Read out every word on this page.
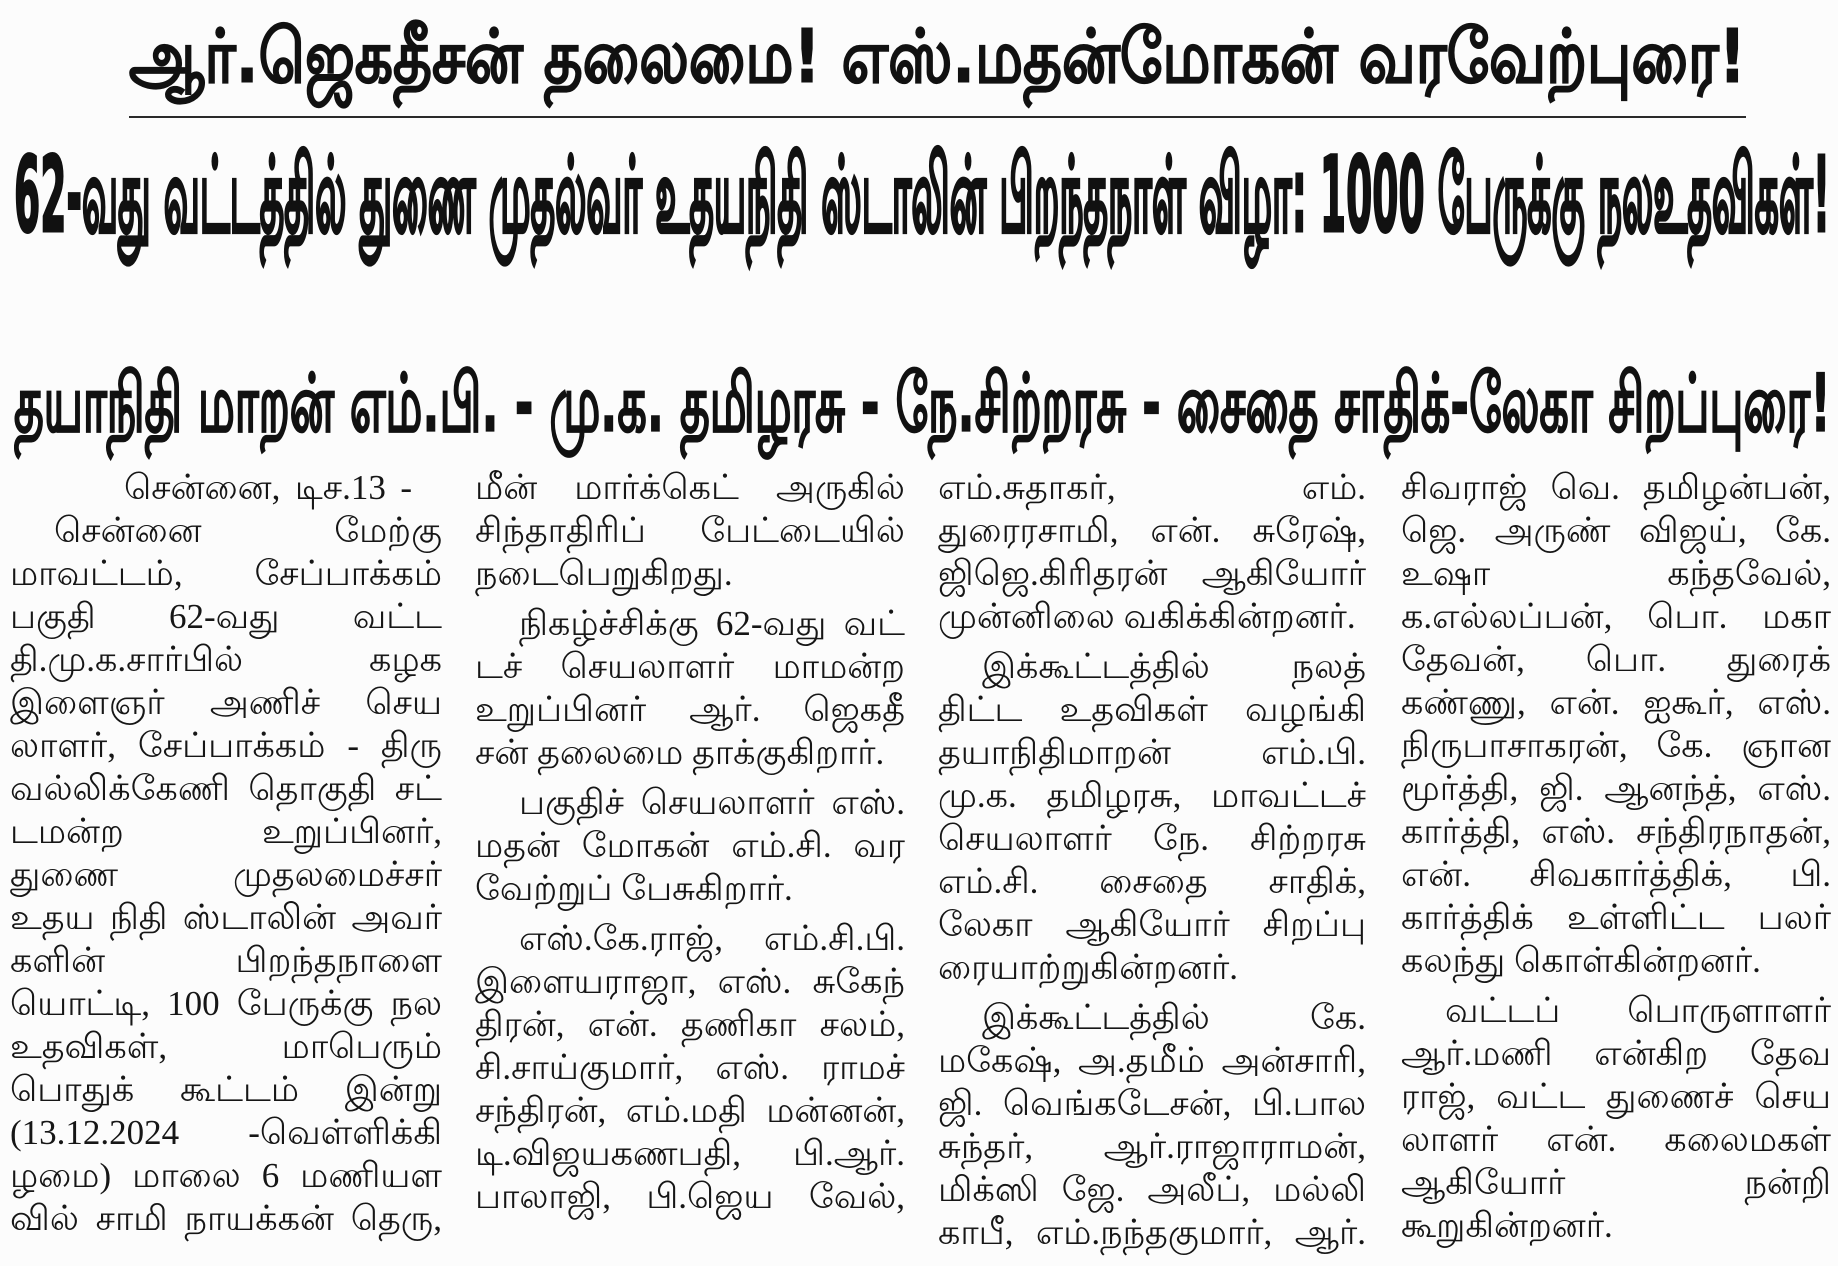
ஆர்.ஜெகதீசன் தலைமை! எஸ்.மதன்மோகன் வரவேற்புரை!
62-வது வட்டத்தில் துணை முதல்வர் உதயநிதி ஸ்டாலின் பிறந்தநாள் விழா: 1000 பேருக்கு நலஉதவிகள்!
தயாநிதி மாறன் எம்.பி. - மு.க. தமிழரசு - நே.சிற்றரசு - சைதை சாதிக்-லேகா சிறப்புரை!
சென்னை, டிச.13 -
சென்னை மேற்கு
மாவட்டம், சேப்பாக்கம்
பகுதி 62-வது வட்ட
தி.மு.க.சார்பில் கழக
இளைஞர் அணிச் செய
லாளர், சேப்பாக்கம் - திரு
வல்லிக்கேணி தொகுதி சட்
டமன்ற உறுப்பினர்,
துணை முதலமைச்சர்
உதய நிதி ஸ்டாலின் அவர்
களின் பிறந்தநாளை
யொட்டி, 100 பேருக்கு நல
உதவிகள், மாபெரும்
பொதுக் கூட்டம் இன்று
(13.12.2024 -வெள்ளிக்கி
ழமை) மாலை 6 மணியள
வில் சாமி நாயக்கன் தெரு,
மீன் மார்க்கெட் அருகில்
சிந்தாதிரிப் பேட்டையில்
நடைபெறுகிறது.
நிகழ்ச்சிக்கு 62-வது வட்
டச் செயலாளர் மாமன்ற
உறுப்பினர் ஆர். ஜெகதீ
சன் தலைமை தாக்குகிறார்.
பகுதிச் செயலாளர் எஸ்.
மதன் மோகன் எம்.சி. வர
வேற்றுப் பேசுகிறார்.
எஸ்.கே.ராஜ், எம்.சி.பி.
இளையராஜா, எஸ். சுகேந்
திரன், என். தணிகா சலம்,
சி.சாய்குமார், எஸ். ராமச்
சந்திரன், எம்.மதி மன்னன்,
டி.விஜயகணபதி, பி.ஆர்.
பாலாஜி, பி.ஜெய வேல்,
எம்.சுதாகர், எம்.
துரைரசாமி, என். சுரேஷ்,
ஜிஜெ.கிரிதரன் ஆகியோர்
முன்னிலை வகிக்கின்றனர்.
இக்கூட்டத்தில் நலத்
திட்ட உதவிகள் வழங்கி
தயாநிதிமாறன் எம்.பி.
மு.க. தமிழரசு, மாவட்டச்
செயலாளர் நே. சிற்றரசு
எம்.சி. சைதை சாதிக்,
லேகா ஆகியோர் சிறப்பு
ரையாற்றுகின்றனர்.
இக்கூட்டத்தில் கே.
மகேஷ், அ.தமீம் அன்சாரி,
ஜி. வெங்கடேசன், பி.பால
சுந்தர், ஆர்.ராஜாராமன்,
மிக்ஸி ஜே. அலீப், மல்லி
காபீ, எம்.நந்தகுமார், ஆர்.
சிவராஜ் வெ. தமிழன்பன்,
ஜெ. அருண் விஜய், கே.
உஷா கந்தவேல்,
க.எல்லப்பன், பொ. மகா
தேவன், பொ. துரைக்
கண்ணு, என். ஐகூர், எஸ்.
நிருபாசாகரன், கே. ஞான
மூர்த்தி, ஜி. ஆனந்த், எஸ்.
கார்த்தி, எஸ். சந்திரநாதன்,
என். சிவகார்த்திக், பி.
கார்த்திக் உள்ளிட்ட பலர்
கலந்து கொள்கின்றனர்.
வட்டப் பொருளாளர்
ஆர்.மணி என்கிற தேவ
ராஜ், வட்ட துணைச் செய
லாளர் என். கலைமகள்
ஆகியோர் நன்றி
கூறுகின்றனர்.
